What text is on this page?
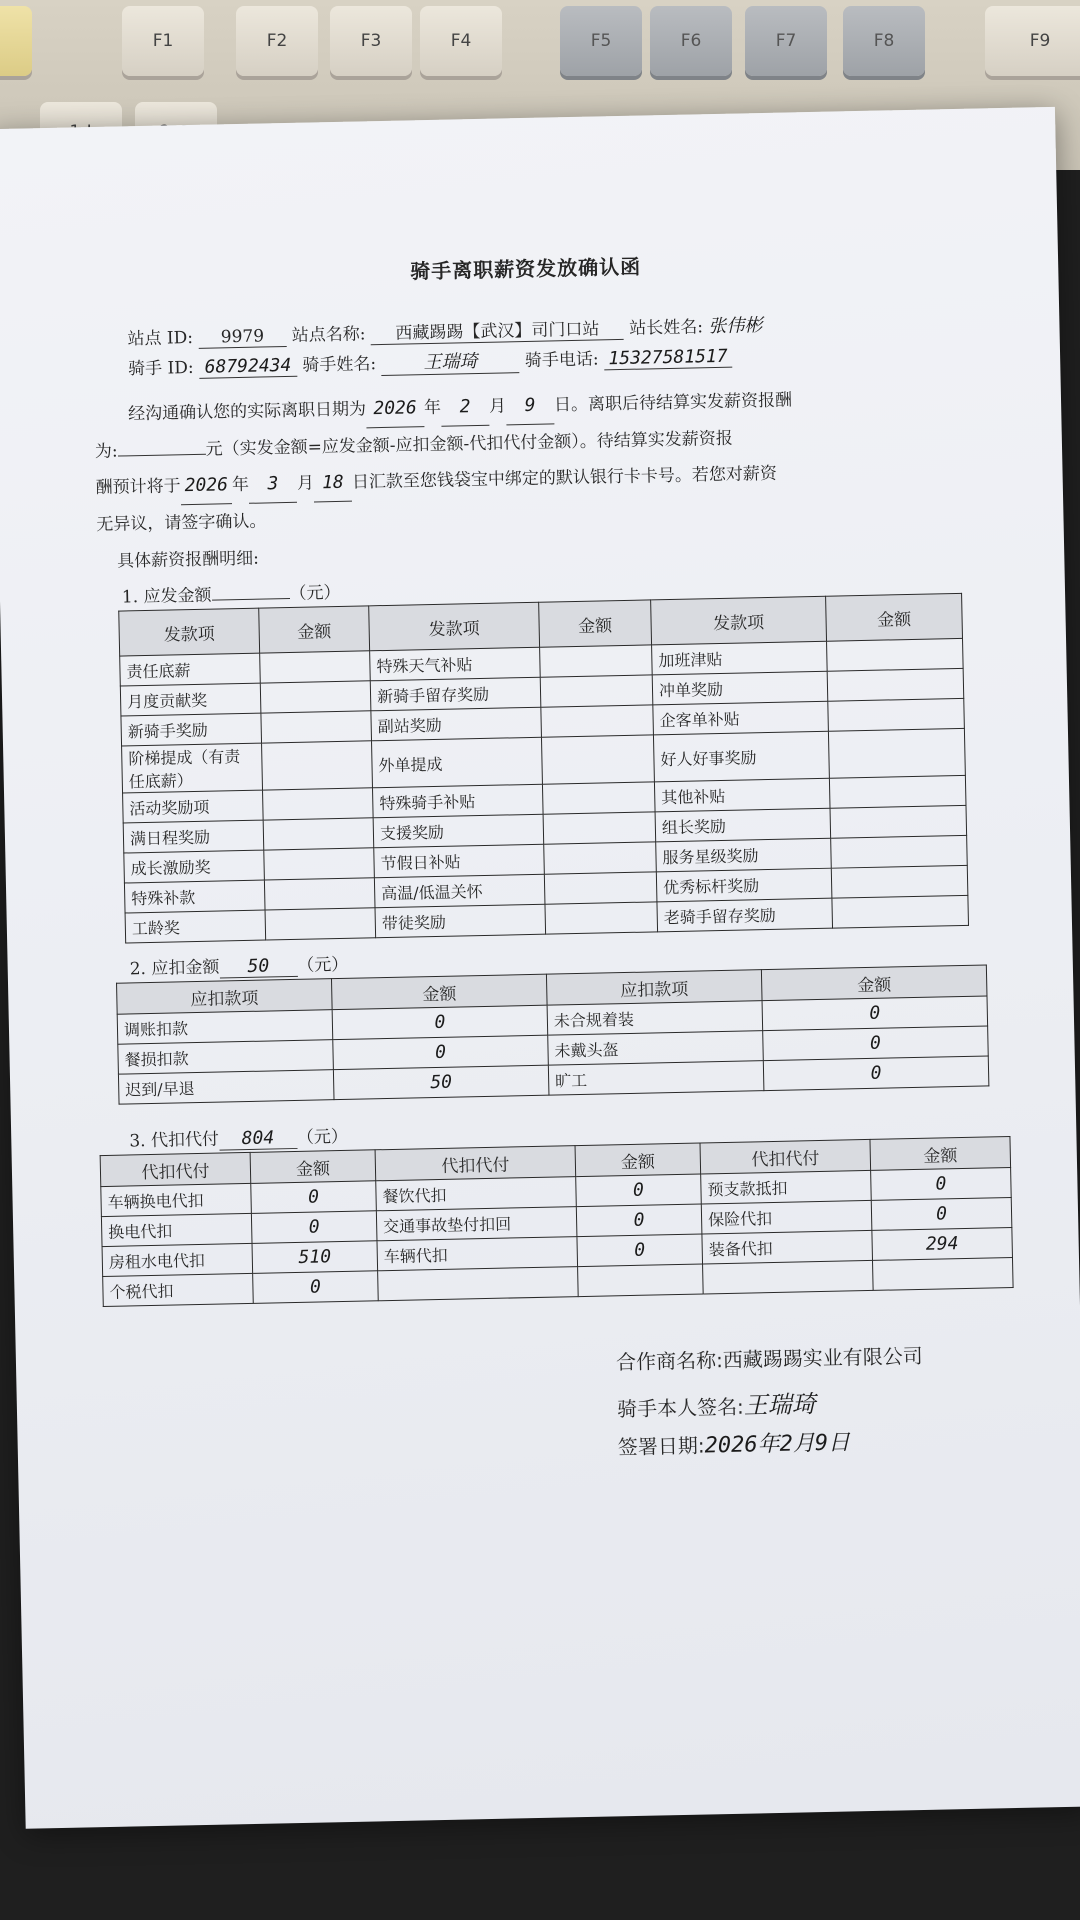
F1	F2	F3	F4	F5	F6	F7	F8	F9
骑手离职薪资发放确认函
站点 ID: 9979 站点名称: 西藏踢踢【武汉】司门口站 站长姓名: 张伟彬
骑手 ID: 68792434 骑手姓名:	王瑞琦	骑手电话: 15327581517
经沟通确认您的实际离职日期为 2026 年 2 月 9 日。离职后待结算实发薪资报酬
为:	元（实发金额=应发金额-应扣金额-代扣代付金额）。待结算实发薪资报
酬预计将于 2026 年 3 月 18 日汇款至您钱袋宝中绑定的默认银行卡卡号。若您对薪资
无异议，请签字确认。
具体薪资报酬明细:
1. 应发金额	（元）
发款项	金额	发款项	金额	发款项	金额
责任底薪		特殊天气补贴		加班津贴	
月度贡献奖		新骑手留存奖励		冲单奖励	
新骑手奖励		副站奖励		企客单补贴	
阶梯提成（有责任底薪）		外单提成		好人好事奖励	
活动奖励项		特殊骑手补贴		其他补贴	
满日程奖励		支援奖励		组长奖励	
成长激励奖		节假日补贴		服务星级奖励	
特殊补款		高温/低温关怀		优秀标杆奖励	
工龄奖		带徒奖励		老骑手留存奖励	
2. 应扣金额 50 （元）
应扣款项	金额	应扣款项	金额
调账扣款	0	未合规着装	0
餐损扣款	0	未戴头盔	0
迟到/早退	50	旷工	0
3. 代扣代付 804 （元）
代扣代付	金额	代扣代付	金额	代扣代付	金额
车辆换电代扣	0	餐饮代扣	0	预支款抵扣	0
换电代扣	0	交通事故垫付扣回	0	保险代扣	0
房租水电代扣	510	车辆代扣	0	装备代扣	294
个税代扣	0				
合作商名称:西藏踢踢实业有限公司
骑手本人签名:王瑞琦
签署日期:2026年2月9日
